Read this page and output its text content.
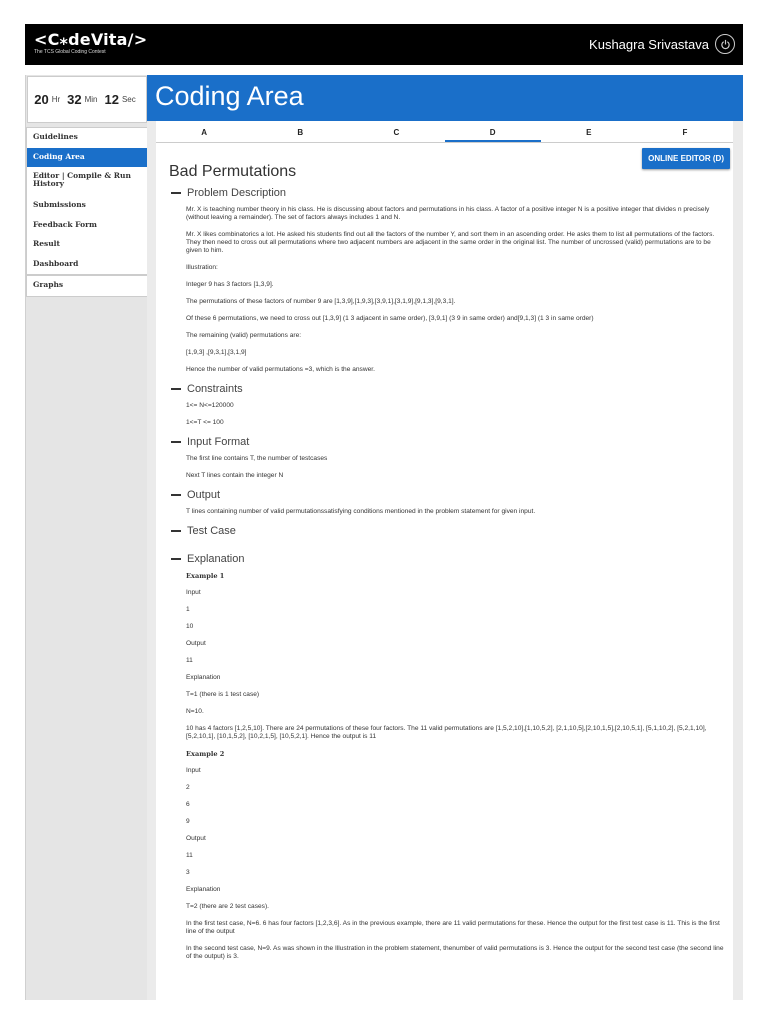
<C⁎deVita/>
The TCS Global Coding Contest
Kushagra Srivastava
20 Hr 32 Min 12 Sec
Guidelines
Coding Area
Editor | Compile & Run History
Submissions
Feedback Form
Result
Dashboard
Graphs
Coding Area
A	B	C	D	E	F
ONLINE EDITOR (D)
Bad Permutations
Problem Description
Mr. X is teaching number theory in his class. He is discussing about factors and permutations in his class. A factor of a positive integer N is a positive integer that divides n precisely (without leaving a remainder). The set of factors always includes 1 and N.
Mr. X likes combinatorics a lot. He asked his students find out all the factors of the number Y, and sort them in an ascending order. He asks them to list all permutations of the factors. They then need to cross out all permutations where two adjacent numbers are adjacent in the same order in the original list. The number of uncrossed (valid) permutations are to be given to him.
Illustration:
Integer 9 has 3 factors [1,3,9].
The permutations of these factors of number 9 are [1,3,9],[1,9,3],[3,9,1],[3,1,9],[9,1,3],[9,3,1].
Of these 6 permutations, we need to cross out [1,3,9] (1 3 adjacent in same order), [3,9,1] (3 9 in same order) and[9,1,3] (1 3 in same order)
The remaining (valid) permutations are:
[1,9,3] ,[9,3,1],[3,1,9]
Hence the number of valid permutations =3, which is the answer.
Constraints
1<= N<=120000
1<=T <= 100
Input Format
The first line contains T, the number of testcases
Next T lines contain the integer N
Output
T lines containing number of valid permutationssatisfying conditions mentioned in the problem statement for given input.
Test Case
Explanation
Example 1
Input
1
10
Output
11
Explanation
T=1 (there is 1 test case)
N=10.
10 has 4 factors [1,2,5,10]. There are 24 permutations of these four factors. The 11 valid permutations are [1,5,2,10],[1,10,5,2], [2,1,10,5],[2,10,1,5],[2,10,5,1], [5,1,10,2], [5,2,1,10], [5,2,10,1], [10,1,5,2], [10,2,1,5], [10,5,2,1]. Hence the output is 11
Example 2
Input
2
6
9
Output
11
3
Explanation
T=2 (there are 2 test cases).
In the first test case, N=6. 6 has four factors [1,2,3,6]. As in the previous example, there are 11 valid permutations for these. Hence the output for the first test case is 11. This is the first line of the output
In the second test case, N=9. As was shown in the Illustration in the problem statement, thenumber of valid permutations is 3. Hence the output for the second test case (the second line of the output) is 3.
